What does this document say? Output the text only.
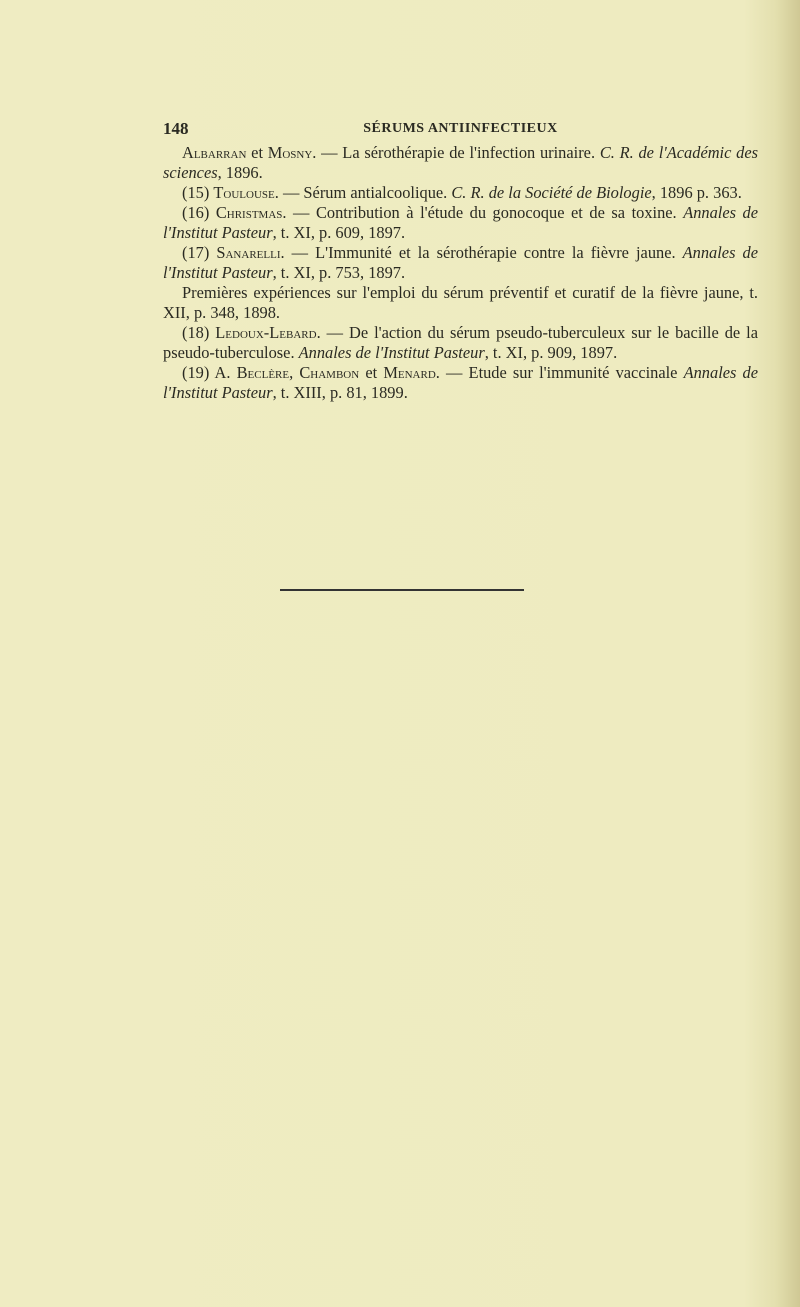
148	SÉRUMS ANTIINFECTIEUX

Albarran et Mosny. — La sérothérapie de l'infection urinaire. C. R. de l'Académic des sciences, 1896.

(15) Toulouse. — Sérum antialcoolique. C. R. de la Société de Biologie, 1896 p. 363.

(16) Christmas. — Contribution à l'étude du gonocoque et de sa toxine. Annales de l'Institut Pasteur, t. XI, p. 609, 1897.

(17) Sanarelli. — L'Immunité et la sérothérapie contre la fièvre jaune. Annales de l'Institut Pasteur, t. XI, p. 753, 1897.

Premières expériences sur l'emploi du sérum préventif et curatif de la fièvre jaune, t. XII, p. 348, 1898.

(18) Ledoux-Lebard. — De l'action du sérum pseudo-tuberculeux sur le bacille de la pseudo-tuberculose. Annales de l'Institut Pasteur, t. XI, p. 909, 1897.

(19) A. Beclère, Chambon et Menard. — Etude sur l'immunité vaccinale Annales de l'Institut Pasteur, t. XIII, p. 81, 1899.
